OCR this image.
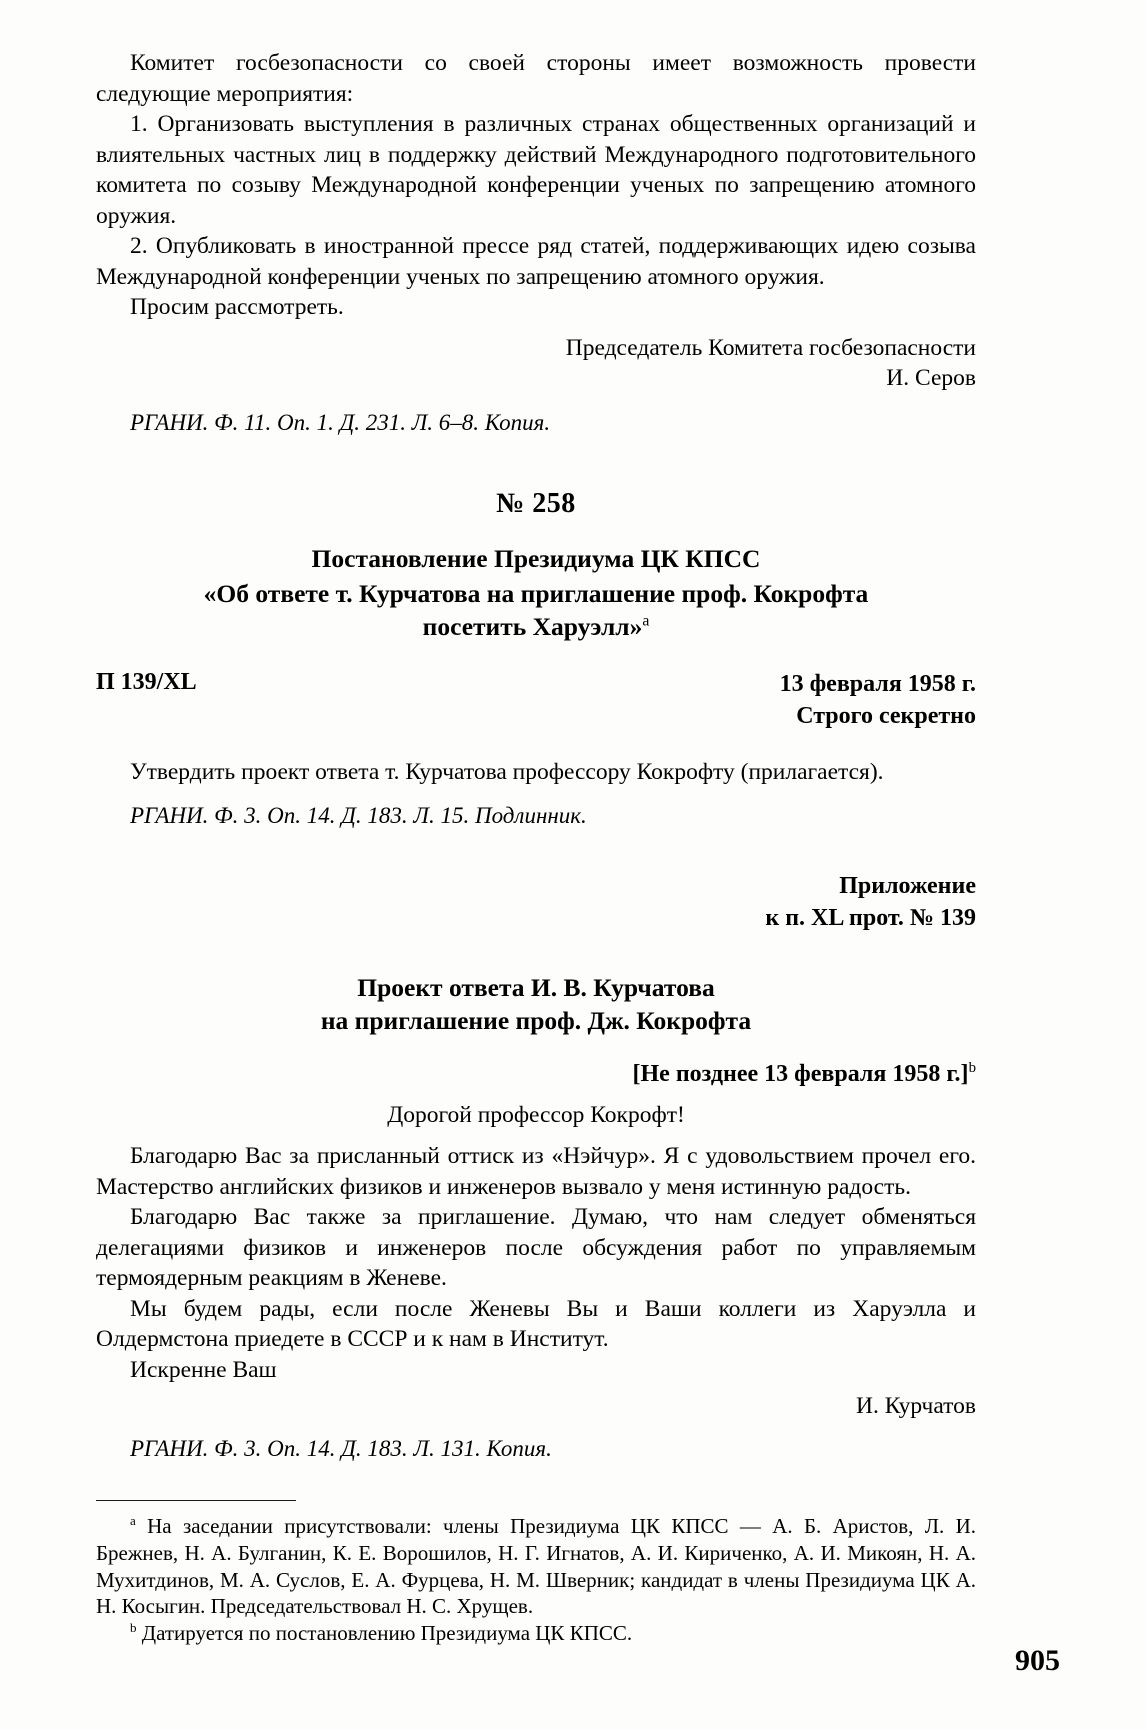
Комитет госбезопасности со своей стороны имеет возможность провести следующие мероприятия:

1. Организовать выступления в различных странах общественных организаций и влиятельных частных лиц в поддержку действий Международного подготовительного комитета по созыву Международной конференции ученых по запрещению атомного оружия.

2. Опубликовать в иностранной прессе ряд статей, поддерживающих идею созыва Международной конференции ученых по запрещению атомного оружия.

Просим рассмотреть.

Председатель Комитета госбезопасности
И. Серов
РГАНИ. Ф. 11. Оп. 1. Д. 231. Л. 6–8. Копия.
№ 258
Постановление Президиума ЦК КПСС
«Об ответе т. Курчатова на приглашение проф. Кокрофта
посетить Харуэлл»$^a$
П 139/XL	13 февраля 1958 г.
Строго секретно

Утвердить проект ответа т. Курчатова профессору Кокрофту (прилагается).

РГАНИ. Ф. 3. Оп. 14. Д. 183. Л. 15. Подлинник.
Приложение
к п. XL прот. № 139
Проект ответа И. В. Курчатова
на приглашение проф. Дж. Кокрофта
[Не позднее 13 февраля 1958 г.]$^b$
Дорогой профессор Кокрофт!

Благодарю Вас за присланный оттиск из «Нэйчур». Я с удовольствием прочел его. Мастерство английских физиков и инженеров вызвало у меня истинную радость.

Благодарю Вас также за приглашение. Думаю, что нам следует обменяться делегациями физиков и инженеров после обсуждения работ по управляемым термоядерным реакциям в Женеве.

Мы будем рады, если после Женевы Вы и Ваши коллеги из Харуэлла и Олдермстона приедете в СССР и к нам в Институт.

Искренне Ваш

И. Курчатов
РГАНИ. Ф. 3. Оп. 14. Д. 183. Л. 131. Копия.

$^a$ На заседании присутствовали: члены Президиума ЦК КПСС — А. Б. Аристов, Л. И. Брежнев, Н. А. Булганин, К. Е. Ворошилов, Н. Г. Игнатов, А. И. Кириченко, А. И. Микоян, Н. А. Мухитдинов, М. А. Суслов, Е. А. Фурцева, Н. М. Шверник; кандидат в члены Президиума ЦК А. Н. Косыгин. Председательствовал Н. С. Хрущев.

$^b$ Датируется по постановлению Президиума ЦК КПСС.

905
